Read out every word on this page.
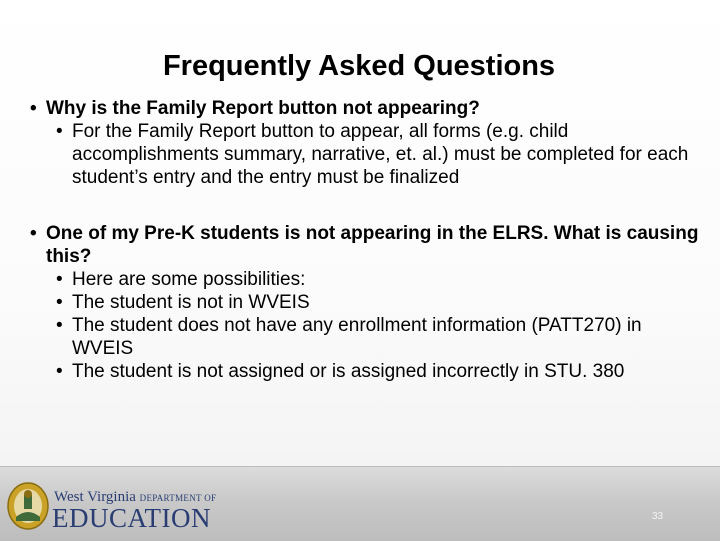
Frequently Asked Questions

• Why is the Family Report button not appearing?

• For the Family Report button to appear, all forms (e.g. child accomplishments summary, narrative, et. al.) must be completed for each student’s entry and the entry must be finalized

• One of my Pre-K students is not appearing in the ELRS. What is causing this?

• Here are some possibilities:

• The student is not in WVEIS

• The student does not have any enrollment information (PATT270) in WVEIS

• The student is not assigned or is assigned incorrectly in STU. 380

West Virginia DEPARTMENT OF
EDUCATION	33
